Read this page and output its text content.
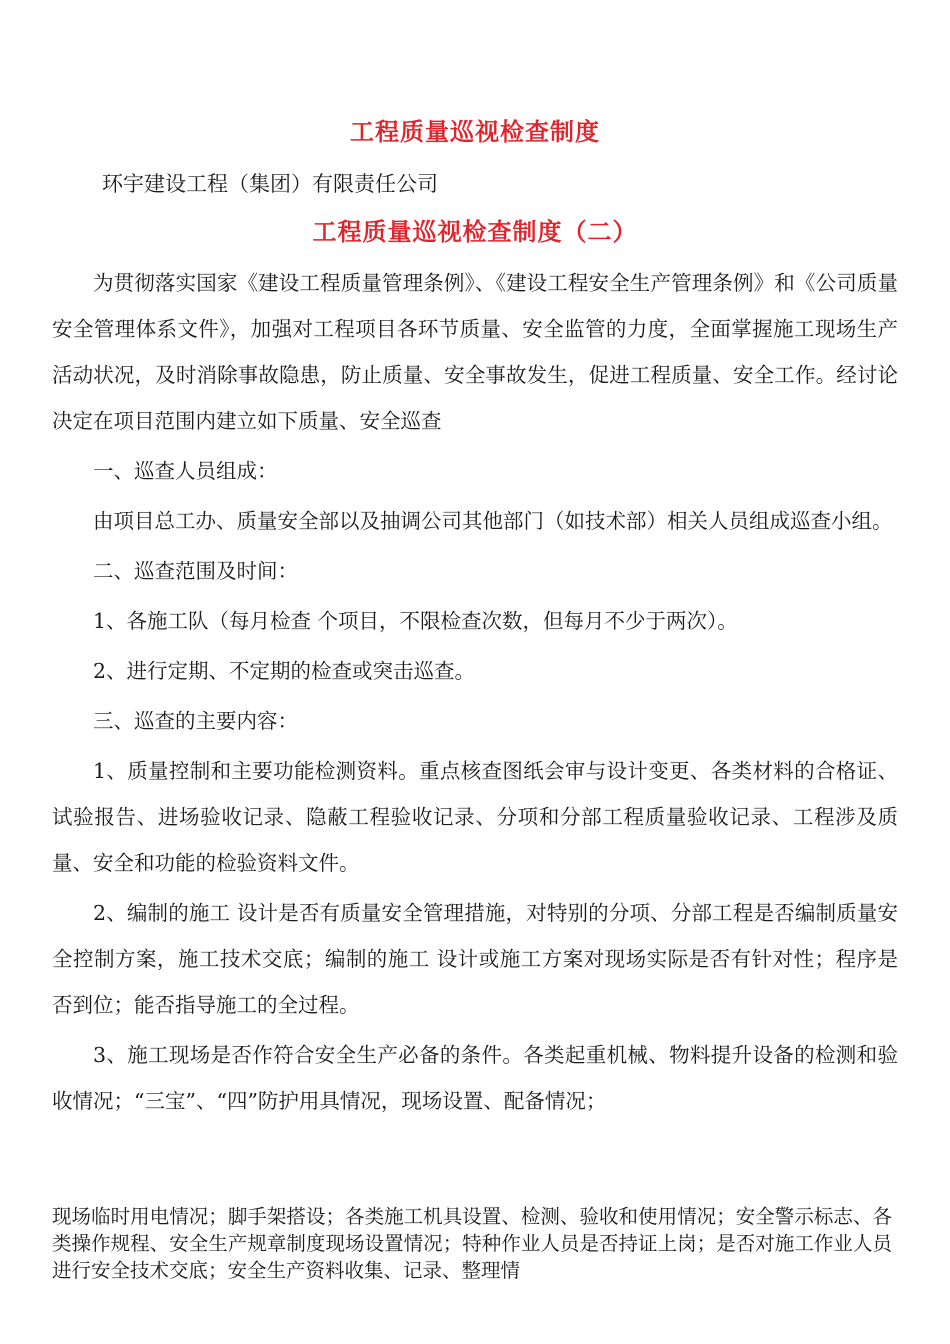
工程质量巡视检查制度

环宇建设工程（集团）有限责任公司

工程质量巡视检查制度（二）

为贯彻落实国家《建设工程质量管理条例》、《建设工程安全生产管理条例》和《公司质量安全管理体系文件》，加强对工程项目各环节质量、安全监管的力度，全面掌握施工现场生产活动状况，及时消除事故隐患，防止质量、安全事故发生，促进工程质量、安全工作。经讨论决定在项目范围内建立如下质量、安全巡查

一、巡查人员组成：

由项目总工办、质量安全部以及抽调公司其他部门（如技术部）相关人员组成巡查小组。

二、巡查范围及时间：

1、各施工队（每月检查 个项目，不限检查次数，但每月不少于两次）。

2、进行定期、不定期的检查或突击巡查。

三、巡查的主要内容：

1、质量控制和主要功能检测资料。重点核查图纸会审与设计变更、各类材料的合格证、试验报告、进场验收记录、隐蔽工程验收记录、分项和分部工程质量验收记录、工程涉及质量、安全和功能的检验资料文件。

2、编制的施工 设计是否有质量安全管理措施，对特别的分项、分部工程是否编制质量安全控制方案，施工技术交底；编制的施工 设计或施工方案对现场实际是否有针对性；程序是否到位；能否指导施工的全过程。

3、施工现场是否作符合安全生产必备的条件。各类起重机械、物料提升设备的检测和验收情况；“三宝”、“四”防护用具情况，现场设置、配备情况；

现场临时用电情况；脚手架搭设；各类施工机具设置、检测、验收和使用情况；安全警示标志、各类操作规程、安全生产规章制度现场设置情况；特种作业人员是否持证上岗；是否对施工作业人员进行安全技术交底；安全生产资料收集、记录、整理情
